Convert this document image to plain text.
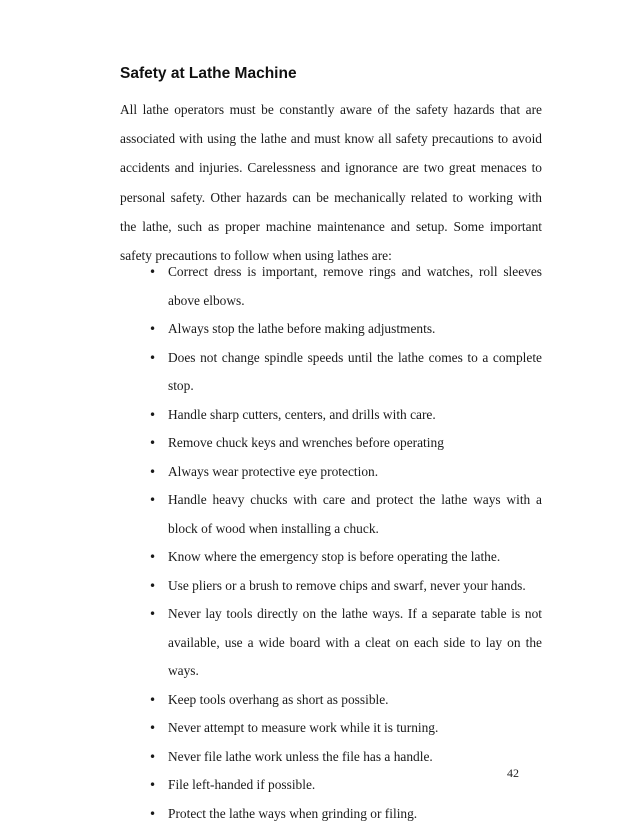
Safety at Lathe Machine

All lathe operators must be constantly aware of the safety hazards that are associated with using the lathe and must know all safety precautions to avoid accidents and injuries. Carelessness and ignorance are two great menaces to personal safety. Other hazards can be mechanically related to working with the lathe, such as proper machine maintenance and setup. Some important safety precautions to follow when using lathes are:

• Correct dress is important, remove rings and watches, roll sleeves above elbows.
• Always stop the lathe before making adjustments.
• Does not change spindle speeds until the lathe comes to a complete stop.
• Handle sharp cutters, centers, and drills with care.
• Remove chuck keys and wrenches before operating
• Always wear protective eye protection.
• Handle heavy chucks with care and protect the lathe ways with a block of wood when installing a chuck.
• Know where the emergency stop is before operating the lathe.
• Use pliers or a brush to remove chips and swarf, never your hands.
• Never lay tools directly on the lathe ways. If a separate table is not available, use a wide board with a cleat on each side to lay on the ways.
• Keep tools overhang as short as possible.
• Never attempt to measure work while it is turning.
• Never file lathe work unless the file has a handle.
• File left-handed if possible.
• Protect the lathe ways when grinding or filing.
42
